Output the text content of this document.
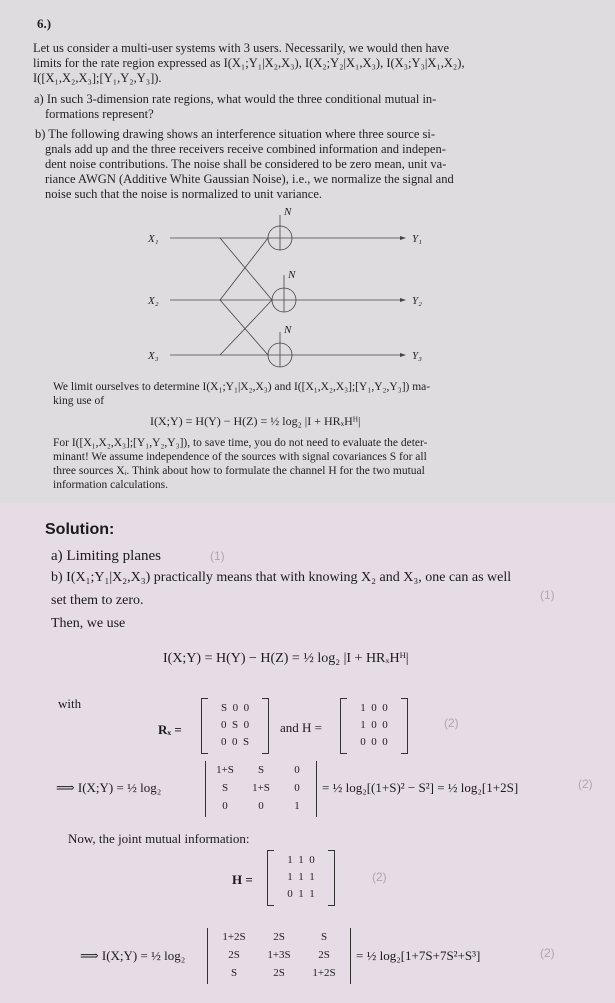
6.)
Let us consider a multi-user systems with 3 users. Necessarily, we would then have
limits for the rate region expressed as I(X₁;Y₁|X₂,X₃), I(X₂;Y₂|X₁,X₃), I(X₃;Y₃|X₁,X₂),
I([X₁,X₂,X₃];[Y₁,Y₂,Y₃]).
a) In such 3-dimension rate regions, what would the three conditional mutual in-
formations represent?
b) The following drawing shows an interference situation where three source si-
gnals add up and the three receivers receive combined information and indepen-
dent noise contributions. The noise shall be considered to be zero mean, unit va-
riance AWGN (Additive White Gaussian Noise), i.e., we normalize the signal and
noise such that the noise is normalized to unit variance.
X₁
X₂
X₃
Y₁
Y₂
Y₃
N
N
N
We limit ourselves to determine I(X₁;Y₁|X₂,X₃) and I([X₁,X₂,X₃];[Y₁,Y₂,Y₃]) ma-
king use of
I(X;Y) = H(Y) − H(Z) = ½ log₂ |I + HRₓHᴴ|
For I([X₁,X₂,X₃];[Y₁,Y₂,Y₃]), to save time, you do not need to evaluate the deter-
minant! We assume independence of the sources with signal covariances S for all
three sources Xᵢ. Think about how to formulate the channel H for the two mutual
information calculations.
Solution:
a) Limiting planes	(1)
b) I(X₁;Y₁|X₂,X₃) practically means that with knowing X₂ and X₃, one can as well
set them to zero.	(1)
Then, we use
I(X;Y) = H(Y) − H(Z) = ½ log₂ |I + HRₓHᴴ|
with
Rₓ =
S 0 0
0 S 0
0 0 S
and H =
1 0 0
1 0 0
0 0 0
(2)
⟹ I(X;Y) = ½ log₂
1+S	S	0
S	1+S	0
0	0	1
= ½ log₂[(1+S)² − S²] = ½ log₂[1+2S]	(2)
Now, the joint mutual information:
H =
1 1 0
1 1 1
0 1 1
(2)
⟹ I(X;Y) = ½ log₂
1+2S	2S	S
2S	1+3S	2S
S	2S	1+2S
= ½ log₂[1+7S+7S²+S³]	(2)
